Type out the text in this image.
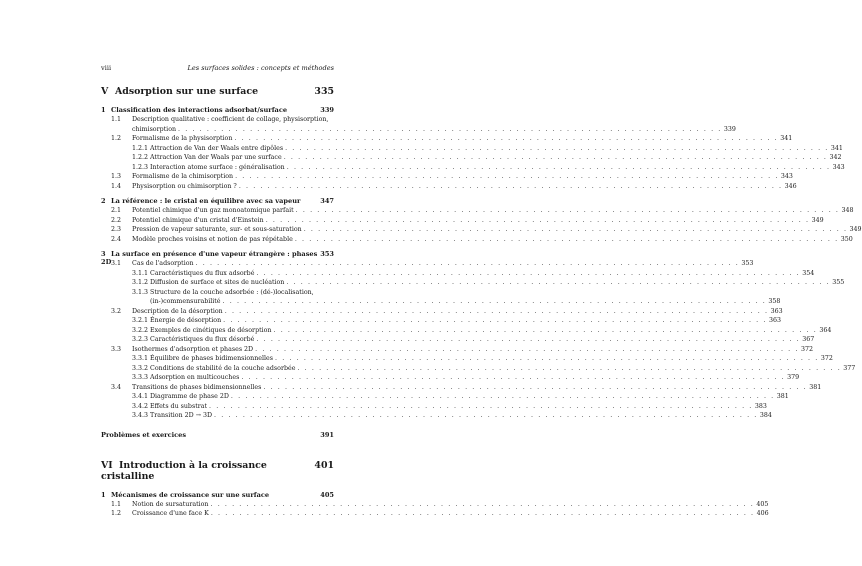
viii	Les surfaces solides : concepts et méthodes
V Adsorption sur une surface	335
1 Classification des interactions adsorbat/surface	339
1.1	Description qualitative : coefficient de collage, physisorption,
chimisorption . . .	339
1.2	Formalisme de la physisorption . . .	341
1.2.1 Attraction de Van der Waals entre dipôles . . .	341
1.2.2 Attraction Van der Waals par une surface . . .	342
1.2.3 Interaction atome surface : généralisation . . .	343
1.3	Formalisme de la chimisorption . . .	343
1.4	Physisorption ou chimisorption ? . . .	346
2 La référence : le cristal en équilibre avec sa vapeur	347
2.1	Potentiel chimique d'un gaz monoatomique parfait . . .	348
2.2	Potentiel chimique d'un cristal d'Einstein . . .	349
2.3	Pression de vapeur saturante, sur- et sous-saturation . . .	349
2.4	Modèle proches voisins et notion de pas répétable . . .	350
3 La surface en présence d'une vapeur étrangère : phases 2D
353
3.1	Cas de l'adsorption . . .	353
3.1.1 Caractéristiques du flux adsorbé . . .	354
3.1.2 Diffusion de surface et sites de nucléation . . .	355
3.1.3 Structure de la couche adsorbée : (dé-)localisation,
(in-)commensurabilité . . .	358
3.2	Description de la désorption . . .	363
3.2.1 Énergie de désorption . . .	363
3.2.2 Exemples de cinétiques de désorption . . .	364
3.2.3 Caractéristiques du flux désorbé . . .	367
3.3	Isothermes d'adsorption et phases 2D . . .	372
3.3.1 Équilibre de phases bidimensionnelles . . .	372
3.3.2 Conditions de stabilité de la couche adsorbée . . .	377
3.3.3 Adsorption en multicouches . . .	379
3.4	Transitions de phases bidimensionnelles . . .	381
3.4.1 Diagramme de phase 2D . . .	381
3.4.2 Effets du substrat . . .	383
3.4.3 Transition 2D → 3D . . .	384
Problèmes et exercices	391
VI Introduction à la croissance cristalline
401
1 Mécanismes de croissance sur une surface	405
1.1	Notion de sursaturation . . .	405
1.2	Croissance d'une face K . . .	406
